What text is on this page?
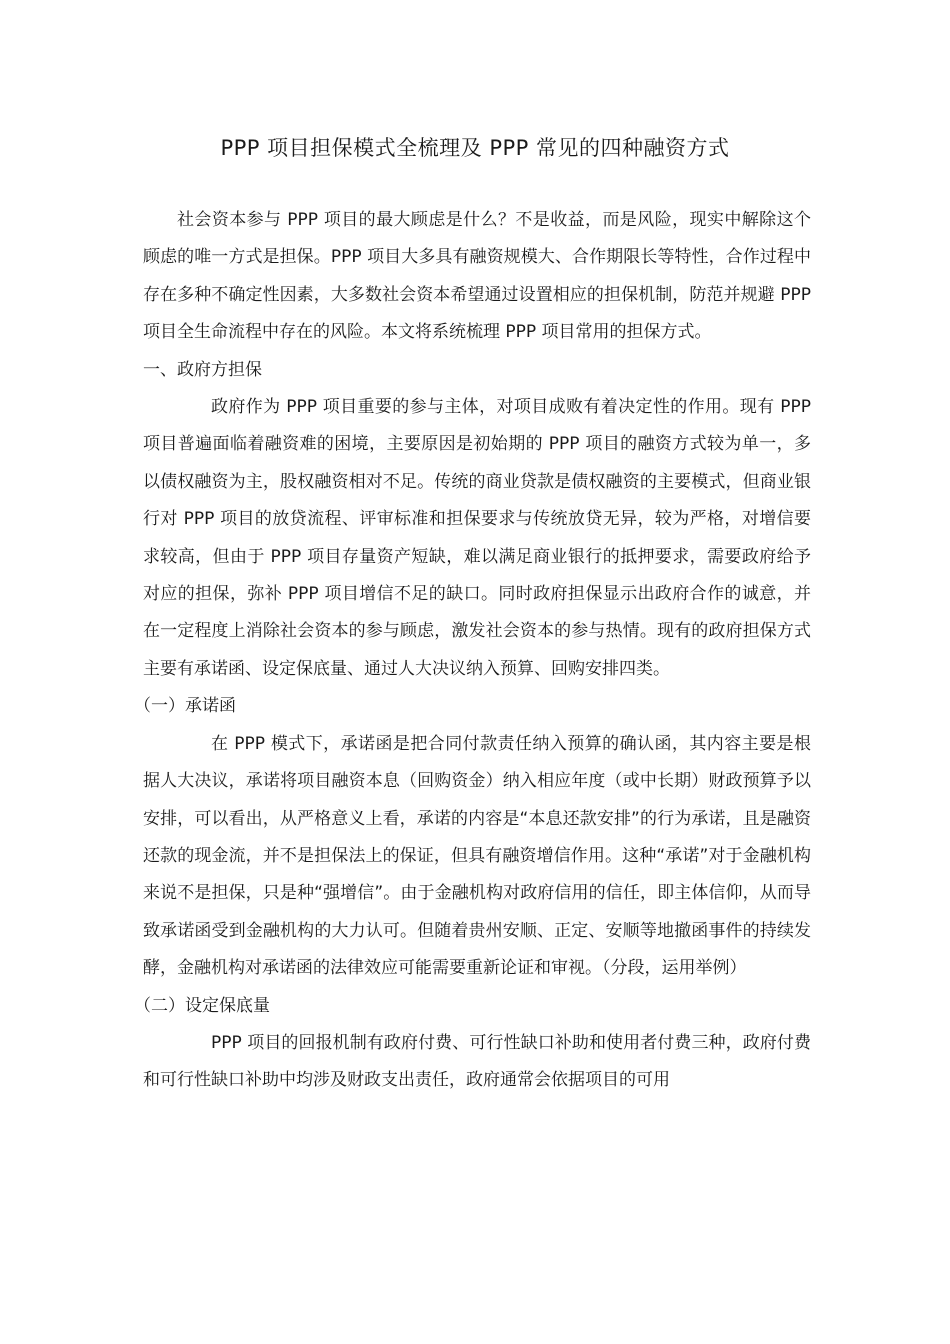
PPP 项目担保模式全梳理及 PPP 常见的四种融资方式

社会资本参与 PPP 项目的最大顾虑是什么？不是收益，而是风险，现实中解除这个顾虑的唯一方式是担保。PPP 项目大多具有融资规模大、合作期限长等特性，合作过程中存在多种不确定性因素，大多数社会资本希望通过设置相应的担保机制，防范并规避 PPP 项目全生命流程中存在的风险。本文将系统梳理 PPP 项目常用的担保方式。

一、政府方担保

政府作为 PPP 项目重要的参与主体，对项目成败有着决定性的作用。现有 PPP 项目普遍面临着融资难的困境，主要原因是初始期的 PPP 项目的融资方式较为单一，多以债权融资为主，股权融资相对不足。传统的商业贷款是债权融资的主要模式，但商业银行对 PPP 项目的放贷流程、评审标准和担保要求与传统放贷无异，较为严格，对增信要求较高，但由于 PPP 项目存量资产短缺，难以满足商业银行的抵押要求，需要政府给予对应的担保，弥补 PPP 项目增信不足的缺口。同时政府担保显示出政府合作的诚意，并在一定程度上消除社会资本的参与顾虑，激发社会资本的参与热情。现有的政府担保方式主要有承诺函、设定保底量、通过人大决议纳入预算、回购安排四类。

（一）承诺函

在 PPP 模式下，承诺函是把合同付款责任纳入预算的确认函，其内容主要是根据人大决议，承诺将项目融资本息（回购资金）纳入相应年度（或中长期）财政预算予以安排，可以看出，从严格意义上看，承诺的内容是“本息还款安排”的行为承诺，且是融资还款的现金流，并不是担保法上的保证，但具有融资增信作用。这种“承诺”对于金融机构来说不是担保，只是种“强增信”。由于金融机构对政府信用的信任，即主体信仰，从而导致承诺函受到金融机构的大力认可。但随着贵州安顺、正定、安顺等地撤函事件的持续发酵，金融机构对承诺函的法律效应可能需要重新论证和审视。（分段，运用举例）

（二）设定保底量

PPP 项目的回报机制有政府付费、可行性缺口补助和使用者付费三种，政府付费和可行性缺口补助中均涉及财政支出责任，政府通常会依据项目的可用
